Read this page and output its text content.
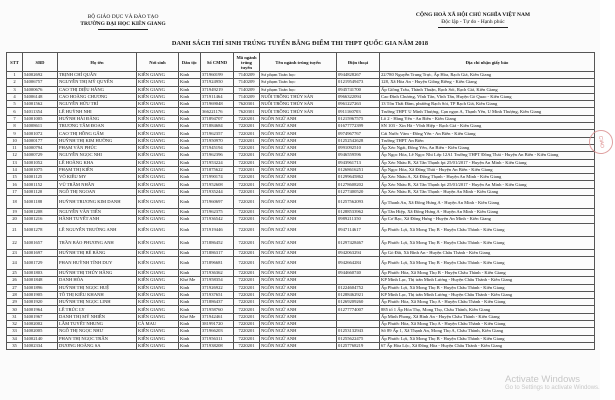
BỘ GIÁO DỤC VÀ ĐÀO TẠO
TRƯỜNG ĐẠI HỌC KIÊN GIANG
CỘNG HOÀ XÃ HỘI CHỦ NGHĨA VIỆT NAM
Độc lập - Tự do - Hạnh phúc
DANH SÁCH THÍ SINH TRÚNG TUYỂN BẰNG ĐIỂM THI THPT QUỐC GIA NĂM 2018
STT	SBD	Họ tên	Nơi sinh	Dân tộc	Số CMND	Mã ngành trúng tuyển	Tên ngành trúng tuyển	Điện thoại	Địa chỉ nhận giấy báo
1	54002692	TRỊNH CHÍ QUÂN	KIÊN GIANG	Kinh	371960199	7140209	Sư phạm Toán học	0944828267	22/780 Nguyễn Trung Trực, Ấp Hòa, Rạch Giá, Kiên Giang
2	54006757	NGUYỄN THỊ MỸ QUYÊN	KIÊN GIANG	Kinh	371924950	7140209	Sư phạm Toán học	01219549473	128, Xã Hòa An - Huyện Giồng Riềng - Kiên Giang
3	54000676	CAO THỊ DIỆU HẰNG	KIÊN GIANG	Kinh	371949219	7140209	Sư phạm Toán học	0945741700	Ấp Giồng Trâu, Thành Thuận, Rạch Sỏi, Rạch Giá, Kiên Giang
4	54006148	CAO HOÀNG CHƯƠNG	KIÊN GIANG	Kinh	371911464	7140209	NUÔI TRỒNG THỦY SẢN	0966322094	Cao Đình Chương, Vĩnh Tân, Vĩnh Tân, Huyện Gò Quao - Kiên Giang
5	54001562	NGUYỄN HỮU TRÍ	KIÊN GIANG	Kinh	371969048	7620301	NUÔI TRỒNG THỦY SẢN	0961227263	13 Tôn Thất Đàm, phường Rạch Sỏi, TP Rạch Giá, Kiên Giang
6	54011354	LÊ HUỲNH NHI	KIÊN GIANG	Kinh	366221176	7620301	NUÔI TRỒNG THỦY SẢN	0911160703	Trường THPT U Minh Thượng, Cạn ngọn A, Thạnh Yên, U Minh Thượng, Kiên Giang
7	54001005	HUỲNH HẢI ĐĂNG	KIÊN GIANG	Kinh	371894707	7220201	NGÔN NGỮ ANH	01215967575	Lô 2 - Hàng Yến - An Biên - Kiên Giang
8	54008611	TRƯƠNG TÂM ĐOAN	KIÊN GIANG	Kinh	371884684	7220201	NGÔN NGỮ ANH	01677772399	SN 103 - Xin Hà - Vĩnh Hiệp - Rạch Giá - Kiên Giang
9	54001072	CAO THỊ HỒNG GẤM	KIÊN GIANG	Kinh	371962357	7220201	NGÔN NGỮ ANH	0974967767	Cái Nước Vàm - Đông Yên - An Biên - Kiên Giang
10	54000177	HUỲNH THỊ KIM HƯỜNG	KIÊN GIANG	Kinh	371950970	7220201	NGÔN NGỮ ANH	01252542628	Trường THPT An Biên
11	54000794	PHẠM VĂN PHÚC	KIÊN GIANG	Kinh	371945194	7220201	NGÔN NGỮ ANH	0991092510	Ấp Xẻo Ngát, Đông Yên, An Biên - Kiên Giang
12	54000729	NGUYỄN NGỌC NHI	KIÊN GIANG	Kinh	371962396	7220201	NGÔN NGỮ ANH	0946559596	Ấp Ngọc Hòa, Lê Ngọc Nhi Lớp 12A1 Trường THPT Đông Thái - Huyện An Biên - Kiên Giang
13	54001052	LÊ HOÀNG KHA	KIÊN GIANG	Kinh	371953224	7220201	NGÔN NGỮ ANH	0943961713	Ấp Xẻo Nhàu B, Xã Tân Thạnh fpt 25/01/2017 - Huyện An Minh - Kiên Giang
14	54001075	PHẠM THỊ KIỀN	KIÊN GIANG	Kinh	371875622	7220201	NGÔN NGỮ ANH	01268616251	Ấp Ngọc Hòa, Xã Đông Thái - Huyện An Biên - Kiên Giang
15	54001125	VÕ KIỀU MY	KIÊN GIANG	Kinh	371990174	7220201	NGÔN NGỮ ANH	01299645862	Ấp Xẻo Nhàu A, Xã Đông Thạnh - Huyện An Minh - Kiên Giang
16	54001152	VŨ TRÂM NHÂN	KIÊN GIANG	Kinh	371952608	7220201	NGÔN NGỮ ANH	01278608202	Ấp Xẻo Nhàu B, Xã Tân Thạnh fpt 25/01/2017 - Huyện An Minh - Kiên Giang
17	54001120	NGÔ THỊ NGOAN	KIÊN GIANG	Kinh	371935244	7220201	NGÔN NGỮ ANH	01277400520	Ấp Xẻo Nhàu B, Xã Tân Thạnh - Huyện An Minh - Kiên Giang
18	54001188	HUỲNH TRƯƠNG KIM DANH	KIÊN GIANG	Kinh	371960697	7220201	NGÔN NGỮ ANH	01257562093	Ấp Thanh An, Xã Đông Hưng A - Huyện An Minh - Kiên Giang
19	54001208	NGUYỄN VĂN TIẾN	KIÊN GIANG	Kinh	371962375	7220201	NGÔN NGỮ ANH	01288533962	Ấp Tân Hiệp, Xã Đông Hưng A - Huyện An Minh - Kiên Giang
20	54001216	HÀNH TUYẾT ANH	KIÊN GIANG	Kinh	371936542	7220201	NGÔN NGỮ ANH	0989211350	Ấp Cơ Bạc, Xã Đông Hưng - Huyện An Minh - Kiên Giang
21	54001278	LÊ NGUYỄN TRƯỜNG ANH	KIÊN GIANG	Kinh	371919446	7220201	NGÔN NGỮ ANH	0947114617	Ấp Phước Lợi, Xã Mong Thọ B - Huyện Châu Thành - Kiên Giang
22	54001657	TRẦN BẢO PHƯƠNG ANH	KIÊN GIANG	Kinh	371886452	7220201	NGÔN NGỮ ANH	01297428467	Ấp Phước Lợi, Xã Mong Thọ B - Huyện Châu Thành - Kiên Giang
23	54001697	HUỲNH THỊ BÉ BĂNG	KIÊN GIANG	Kinh	371886317	7220201	NGÔN NGỮ ANH	0942063294	Ấp Gò Đất, Xã Bình An - Huyện Châu Thành - Kiên Giang
24	54001729	PHAN HUỲNH TÍNH DUY	KIÊN GIANG	Kinh	371896681	7220201	NGÔN NGỮ ANH	0942664284	Ấp Phước Lợi, Xã Mong Thọ B - Huyện Châu Thành - Kiên Giang
25	54001803	HUỲNH THỊ THÚY HẰNG	KIÊN GIANG	Kinh	371936362	7220201	NGÔN NGỮ ANH	0944660740	Ấp Phước Hòa, Xã Mong Thọ B - Huyện Châu Thành - Kiên Giang
26	54001848	DANH HÒA	KIÊN GIANG	Khơ Me	371958354	7220201	NGÔN NGỮ ANH		KP Minh Lạc, Thị trấn Minh Lương - Huyện Châu Thành - Kiên Giang
27	54001896	HUỲNH THỊ NGỌC HUỆ	KIÊN GIANG	Kinh	371926922	7220201	NGÔN NGỮ ANH	01224604752	Ấp Phước Lợi, Xã Mong Thọ B - Huyện Châu Thành - Kiên Giang
28	54001905	TÔ THỊ KIỀU KHANH	KIÊN GIANG	Kinh	371937651	7220201	NGÔN NGỮ ANH	01288462921	KP Minh Lạc, Thị trấn Minh Lương - Huyện Châu Thành - Kiên Giang
29	54001920	HUỲNH THỊ NGỌC LINH	KIÊN GIANG	Kinh	371886437	7220201	NGÔN NGỮ ANH	01269209260	Ấp Phước Hòa, Xã Mong Thọ A - Huyện Châu Thành - Kiên Giang
30	54001964	LÊ TRÚC LY	KIÊN GIANG	Kinh	371958760	7220201	NGÔN NGỮ ANH	01277774007	885 tổ 1 Ấp Hòa Thọ, Mong Thọ, Châu Thành, Kiên Giang
31	54001967	DANH THỊ MỸ NHIÊN	KIÊN GIANG	Khơ Me	371942461	7220201	NGÔN NGỮ ANH		Ấp Minh Phong, Xã Bình An - Huyện Châu Thành - Kiên Giang
32	54002002	LÂM TUYẾT NHUNG	CÀ MAU	Kinh	381991720	7220201	NGÔN NGỮ ANH		Ấp Phước Hòa, Xã Mong Thọ A - Huyện Châu Thành - Kiên Giang
33	54002005	NGÔ THỊ NGỌC NHƯ	KIÊN GIANG	Kinh	371966203	7220201	NGÔN NGỮ ANH	01253132943	Số 89 Ấp 1, Xã Thạnh An, Mong Thọ A, Châu Thành, Kiên Giang
34	54002140	PHAN THỊ NGỌC TRÂN	KIÊN GIANG	Kinh	371956311	7220201	NGÔN NGỮ ANH	01255622475	Ấp Phước Lợi, Xã Mong Thọ B - Huyện Châu Thành - Kiên Giang
35	54002334	DƯƠNG HOÀNG SA	KIÊN GIANG	Kinh	371938208	7220201	NGÔN NGỮ ANH	01257768219	67 Ấp Hòa Lộc, Xã Đông Hòa - Huyện Châu Thành - Kiên Giang
CIAO
Activate Windows
Go to Settings to activate Windows.
